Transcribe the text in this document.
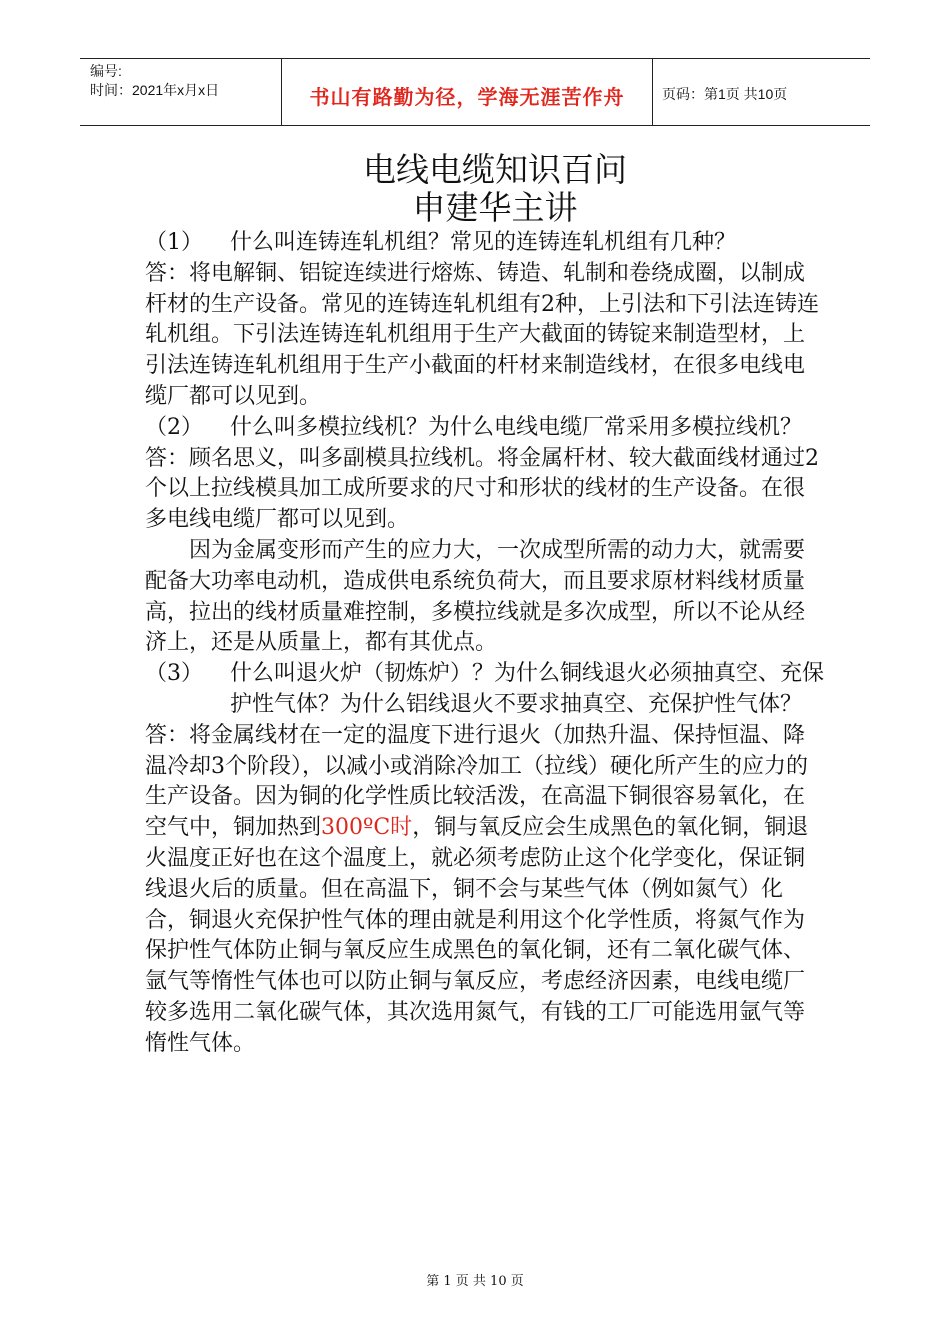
编号:
时间：2021年x月x日	书山有路勤为径，学海无涯苦作舟	页码：第1页 共10页
电线电缆知识百问
申建华主讲

（1） 什么叫连铸连轧机组？常见的连铸连轧机组有几种？

答：将电解铜、铝锭连续进行熔炼、铸造、轧制和卷绕成圈，以制成杆材的生产设备。常见的连铸连轧机组有2种，上引法和下引法连铸连轧机组。下引法连铸连轧机组用于生产大截面的铸锭来制造型材，上引法连铸连轧机组用于生产小截面的杆材来制造线材，在很多电线电缆厂都可以见到。

（2） 什么叫多模拉线机？为什么电线电缆厂常采用多模拉线机？

答：顾名思义，叫多副模具拉线机。将金属杆材、较大截面线材通过2个以上拉线模具加工成所要求的尺寸和形状的线材的生产设备。在很多电线电缆厂都可以见到。

因为金属变形而产生的应力大，一次成型所需的动力大，就需要配备大功率电动机，造成供电系统负荷大，而且要求原材料线材质量高，拉出的线材质量难控制，多模拉线就是多次成型，所以不论从经济上，还是从质量上，都有其优点。

（3） 什么叫退火炉（韧炼炉）？为什么铜线退火必须抽真空、充保护性气体？为什么铝线退火不要求抽真空、充保护性气体？

答：将金属线材在一定的温度下进行退火（加热升温、保持恒温、降温冷却3个阶段），以减小或消除冷加工（拉线）硬化所产生的应力的生产设备。因为铜的化学性质比较活泼，在高温下铜很容易氧化，在空气中，铜加热到300ºC时，铜与氧反应会生成黑色的氧化铜，铜退火温度正好也在这个温度上，就必须考虑防止这个化学变化，保证铜线退火后的质量。但在高温下，铜不会与某些气体（例如氮气）化合，铜退火充保护性气体的理由就是利用这个化学性质，将氮气作为保护性气体防止铜与氧反应生成黑色的氧化铜，还有二氧化碳气体、氩气等惰性气体也可以防止铜与氧反应，考虑经济因素，电线电缆厂较多选用二氧化碳气体，其次选用氮气，有钱的工厂可能选用氩气等惰性气体。

第 1 页 共 10 页
